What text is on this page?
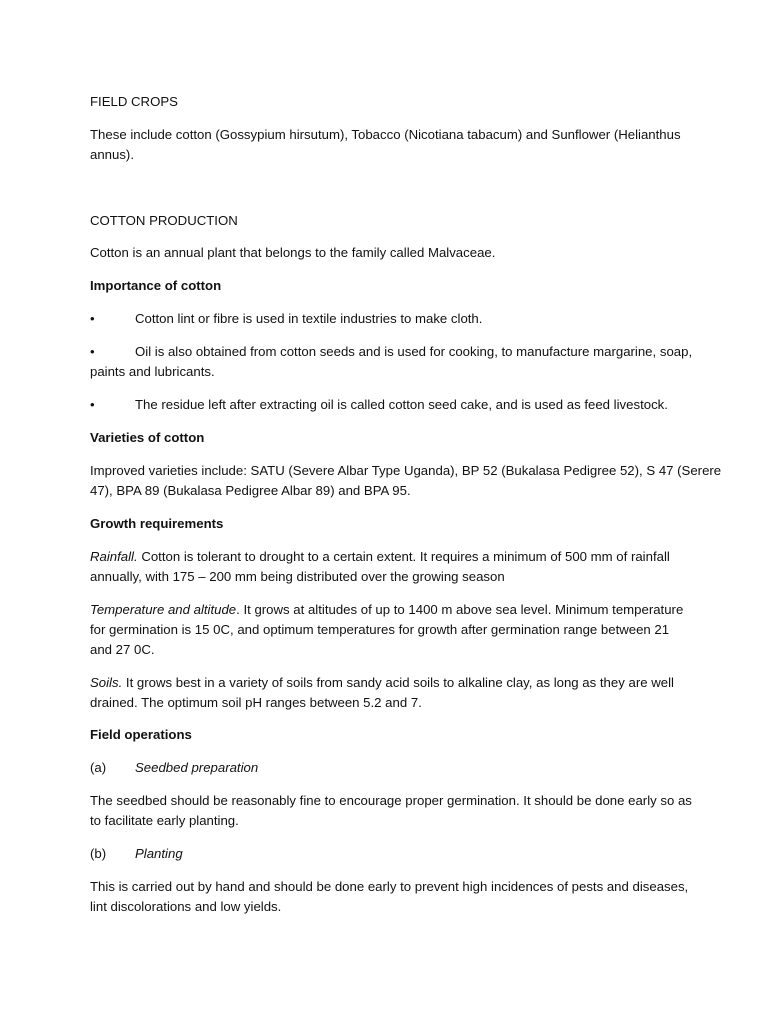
FIELD CROPS

These include cotton (Gossypium hirsutum), Tobacco (Nicotiana tabacum) and Sunflower (Helianthus
annus).

COTTON PRODUCTION

Cotton is an annual plant that belongs to the family called Malvaceae.

Importance of cotton

•	Cotton lint or fibre is used in textile industries to make cloth.
•	Oil is also obtained from cotton seeds and is used for cooking, to manufacture margarine, soap,
paints and lubricants.
•	The residue left after extracting oil is called cotton seed cake, and is used as feed livestock.

Varieties of cotton

Improved varieties include: SATU (Severe Albar Type Uganda), BP 52 (Bukalasa Pedigree 52), S 47 (Serere
47), BPA 89 (Bukalasa Pedigree Albar 89) and BPA 95.

Growth requirements

Rainfall. Cotton is tolerant to drought to a certain extent. It requires a minimum of 500 mm of rainfall
annually, with 175 – 200 mm being distributed over the growing season
Temperature and altitude. It grows at altitudes of up to 1400 m above sea level. Minimum temperature
for germination is 15 0C, and optimum temperatures for growth after germination range between 21
and 27 0C.
Soils. It grows best in a variety of soils from sandy acid soils to alkaline clay, as long as they are well
drained. The optimum soil pH ranges between 5.2 and 7.

Field operations

(a) Seedbed preparation
The seedbed should be reasonably fine to encourage proper germination. It should be done early so as
to facilitate early planting.
(b) Planting
This is carried out by hand and should be done early to prevent high incidences of pests and diseases,
lint discolorations and low yields.
